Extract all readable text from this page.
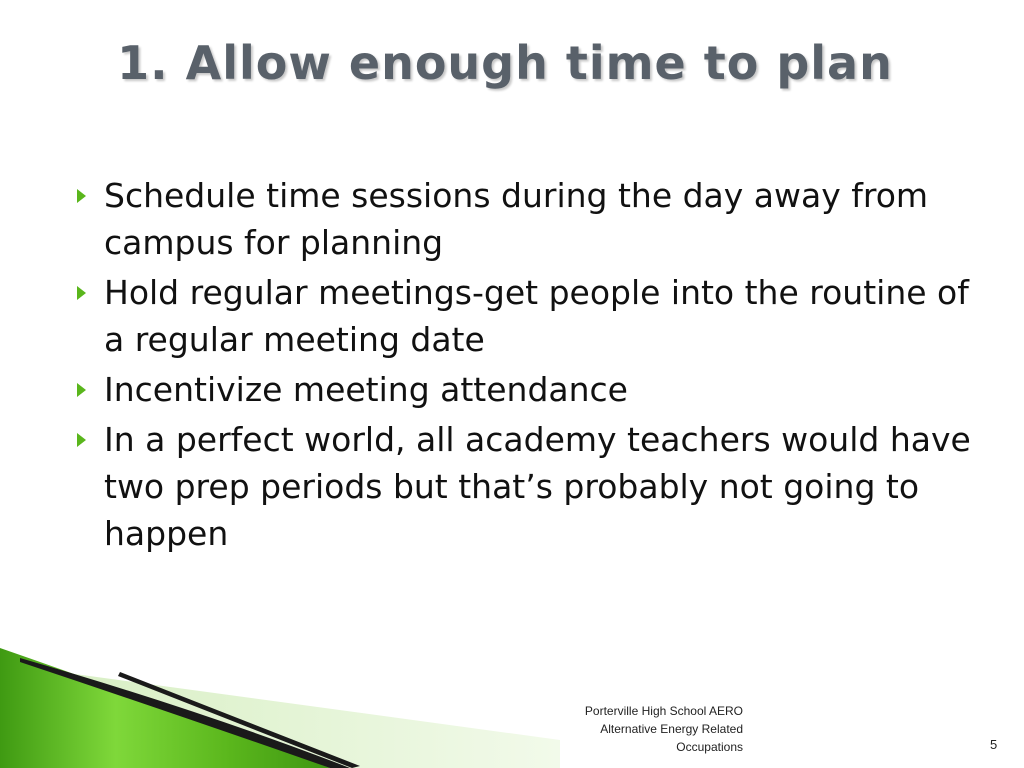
1. Allow enough time to plan
Schedule time sessions during the day away from campus for planning
Hold regular meetings-get people into the routine of a regular meeting date
Incentivize meeting attendance
In a perfect world, all academy teachers would have two prep periods but that’s probably not going to happen
Porterville High School AERO
Alternative Energy Related
Occupations	5
